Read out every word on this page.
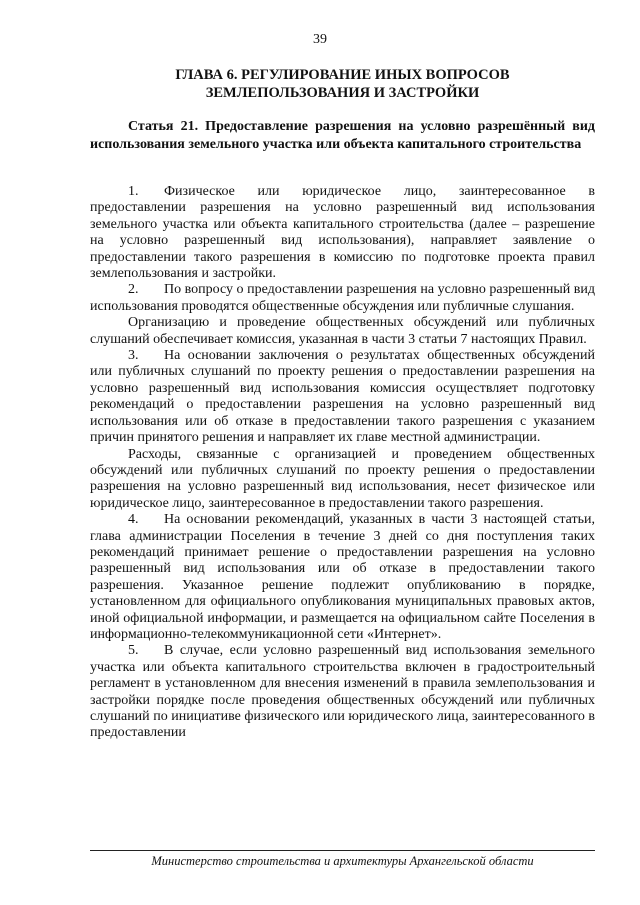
39
ГЛАВА 6. РЕГУЛИРОВАНИЕ ИНЫХ ВОПРОСОВ
ЗЕМЛЕПОЛЬЗОВАНИЯ И ЗАСТРОЙКИ
Статья 21. Предоставление разрешения на условно разрешённый вид использования земельного участка или объекта капитального строительства

1. Физическое или юридическое лицо, заинтересованное в предоставлении разрешения на условно разрешенный вид использования земельного участка или объекта капитального строительства (далее – разрешение на условно разрешенный вид использования), направляет заявление о предоставлении такого разрешения в комиссию по подготовке проекта правил землепользования и застройки.

2. По вопросу о предоставлении разрешения на условно разрешенный вид использования проводятся общественные обсуждения или публичные слушания.

Организацию и проведение общественных обсуждений или публичных слушаний обеспечивает комиссия, указанная в части 3 статьи 7 настоящих Правил.

3. На основании заключения о результатах общественных обсуждений или публичных слушаний по проекту решения о предоставлении разрешения на условно разрешенный вид использования комиссия осуществляет подготовку рекомендаций о предоставлении разрешения на условно разрешенный вид использования или об отказе в предоставлении такого разрешения с указанием причин принятого решения и направляет их главе местной администрации.

Расходы, связанные с организацией и проведением общественных обсуждений или публичных слушаний по проекту решения о предоставлении разрешения на условно разрешенный вид использования, несет физическое или юридическое лицо, заинтересованное в предоставлении такого разрешения.

4. На основании рекомендаций, указанных в части 3 настоящей статьи, глава администрации Поселения в течение 3 дней со дня поступления таких рекомендаций принимает решение о предоставлении разрешения на условно разрешенный вид использования или об отказе в предоставлении такого разрешения. Указанное решение подлежит опубликованию в порядке, установленном для официального опубликования муниципальных правовых актов, иной официальной информации, и размещается на официальном сайте Поселения в информационно-телекоммуникационной сети «Интернет».

5. В случае, если условно разрешенный вид использования земельного участка или объекта капитального строительства включен в градостроительный регламент в установленном для внесения изменений в правила землепользования и застройки порядке после проведения общественных обсуждений или публичных слушаний по инициативе физического или юридического лица, заинтересованного в предоставлении

Министерство строительства и архитектуры Архангельской области
